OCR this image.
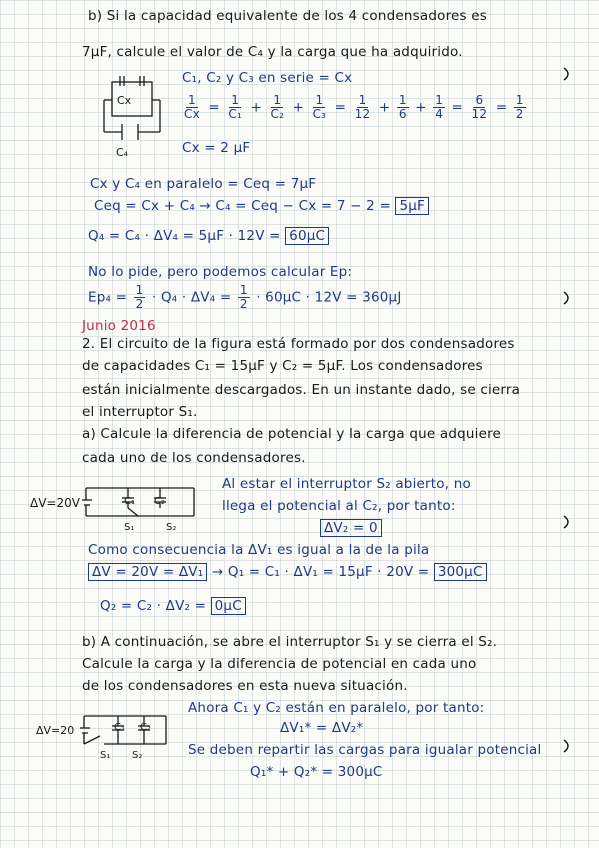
b) Si la capacidad equivalente de los 4 condensadores es
7μF, calcule el valor de C₄ y la carga que ha adquirido.
Cx
C₄
C₁, C₂ y C₃ en serie = Cx
$\frac{1}{Cx} = \frac{1}{\text{C₁}} + \frac{1}{\text{C₂}} + \frac{1}{\text{C₃}} = \frac{1}{12} + \frac{1}{6} + \frac{1}{4} = \frac{6}{12} = \frac{1}{2}$
Cx = 2 μF
Cx y C₄ en paralelo = Ceq = 7μF
Ceq = Cx + C₄ → C₄ = Ceq − Cx = 7 − 2 = 5μF
Q₄ = C₄ · ΔV₄ = 5μF · 12V = 60μC
No lo pide, pero podemos calcular Ep:
$Ep_4 = \frac{1}{2} \cdot Q_4 \cdot \Delta V_4 = \frac{1}{2} \cdot 60\mu C \cdot 12V = 360\mu J$
Junio 2016
2. El circuito de la figura está formado por dos condensadores
de capacidades C₁ = 15μF y C₂ = 5μF. Los condensadores
están inicialmente descargados. En un instante dado, se cierra
el interruptor S₁.
a) Calcule la diferencia de potencial y la carga que adquiere
cada uno de los condensadores.
ΔV=20V	C₁ C₂
S₁	S₂
Al estar el interruptor S₂ abierto, no
llega el potencial al C₂, por tanto:
ΔV₂ = 0
Como consecuencia la ΔV₁ es igual a la de la pila
ΔV = 20V = ΔV₁ → Q₁ = C₁ · ΔV₁ = 15μF · 20V = 300μC
Q₂ = C₂ · ΔV₂ = 0μC
b) A continuación, se abre el interruptor S₁ y se cierra el S₂.
Calcule la carga y la diferencia de potencial en cada uno
de los condensadores en esta nueva situación.
ΔV=20	C₁ C₂
S₁ S₂
Ahora C₁ y C₂ están en paralelo, por tanto:
ΔV₁* = ΔV₂*
Se deben repartir las cargas para igualar potencial
Q₁* + Q₂* = 300μC
